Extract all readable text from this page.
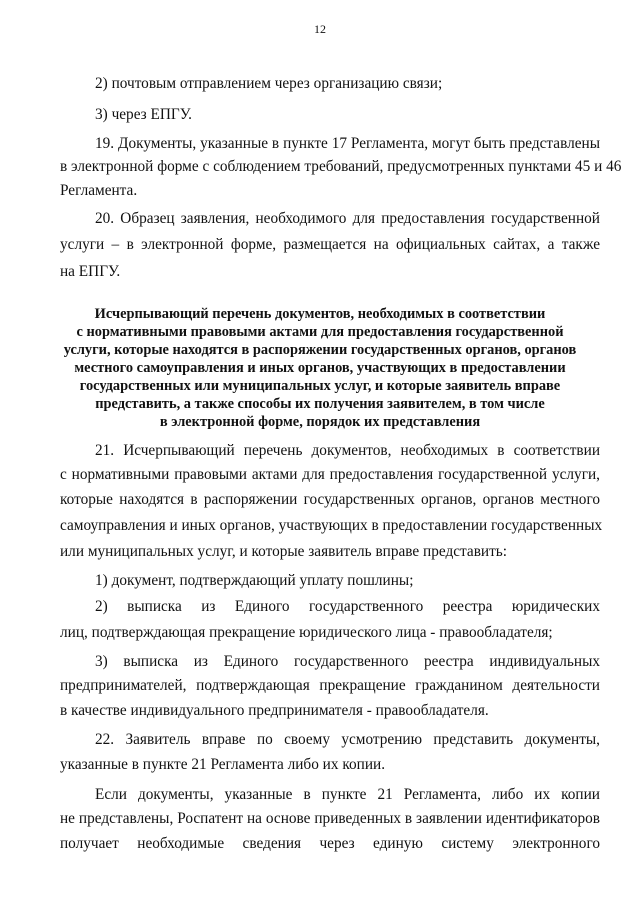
12
2) почтовым отправлением через организацию связи;
3) через ЕПГУ.
19. Документы, указанные в пункте 17 Регламента, могут быть представлены
в электронной форме с соблюдением требований, предусмотренных пунктами 45 и 46
Регламента.
20. Образец заявления, необходимого для предоставления государственной
услуги – в электронной форме, размещается на официальных сайтах, а также
на ЕПГУ.
Исчерпывающий перечень документов, необходимых в соответствии
с нормативными правовыми актами для предоставления государственной
услуги, которые находятся в распоряжении государственных органов, органов
местного самоуправления и иных органов, участвующих в предоставлении
государственных или муниципальных услуг, и которые заявитель вправе
представить, а также способы их получения заявителем, в том числе
в электронной форме, порядок их представления
21. Исчерпывающий перечень документов, необходимых в соответствии
с нормативными правовыми актами для предоставления государственной услуги,
которые находятся в распоряжении государственных органов, органов местного
самоуправления и иных органов, участвующих в предоставлении государственных
или муниципальных услуг, и которые заявитель вправе представить:
1) документ, подтверждающий уплату пошлины;
2) выписка из Единого государственного реестра юридических
лиц, подтверждающая прекращение юридического лица - правообладателя;
3) выписка из Единого государственного реестра индивидуальных
предпринимателей, подтверждающая прекращение гражданином деятельности
в качестве индивидуального предпринимателя - правообладателя.
22. Заявитель вправе по своему усмотрению представить документы,
указанные в пункте 21 Регламента либо их копии.
Если документы, указанные в пункте 21 Регламента, либо их копии
не представлены, Роспатент на основе приведенных в заявлении идентификаторов
получает необходимые сведения через единую систему электронного
